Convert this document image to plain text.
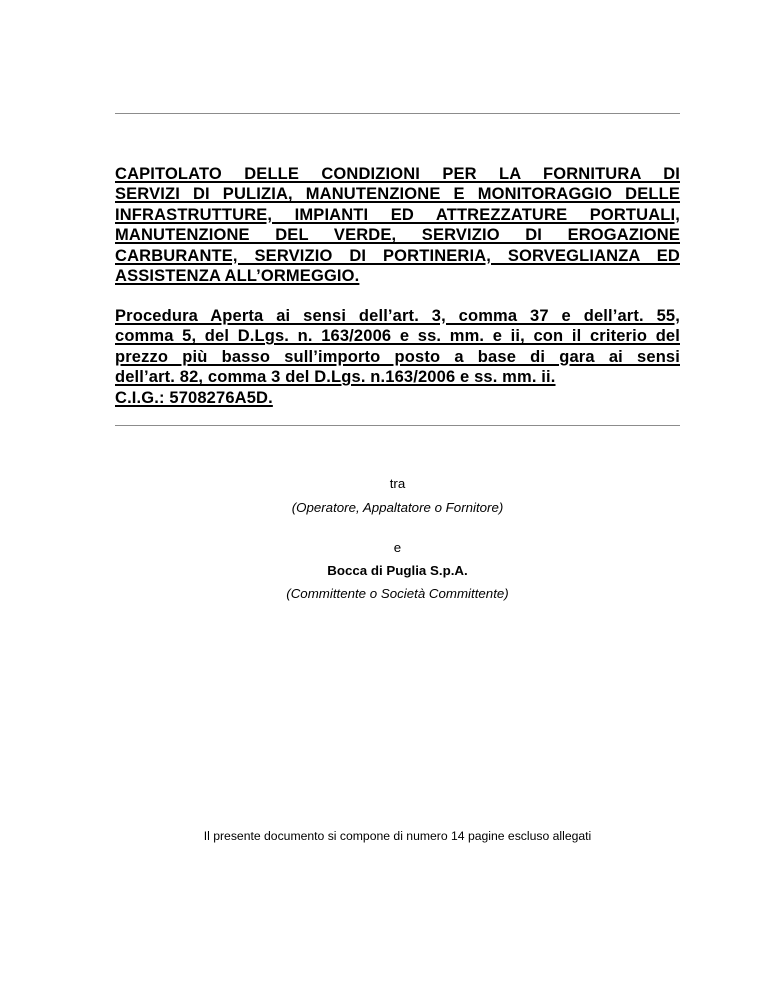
CAPITOLATO DELLE CONDIZIONI PER LA FORNITURA DI
SERVIZI DI PULIZIA, MANUTENZIONE E MONITORAGGIO DELLE
INFRASTRUTTURE, IMPIANTI ED ATTREZZATURE PORTUALI,
MANUTENZIONE DEL VERDE, SERVIZIO DI EROGAZIONE
CARBURANTE, SERVIZIO DI PORTINERIA, SORVEGLIANZA ED
ASSISTENZA ALL’ORMEGGIO.
Procedura Aperta ai sensi dell’art. 3, comma 37 e dell’art. 55,
comma 5, del D.Lgs. n. 163/2006 e ss. mm. e ii, con il criterio del
prezzo più basso sull’importo posto a base di gara ai sensi
dell’art. 82, comma 3 del D.Lgs. n.163/2006 e ss. mm. ii.
C.I.G.: 5708276A5D.
tra
(Operatore, Appaltatore o Fornitore)
e
Bocca di Puglia S.p.A.
(Committente o Società Committente)
Il presente documento si compone di numero 14 pagine escluso allegati
